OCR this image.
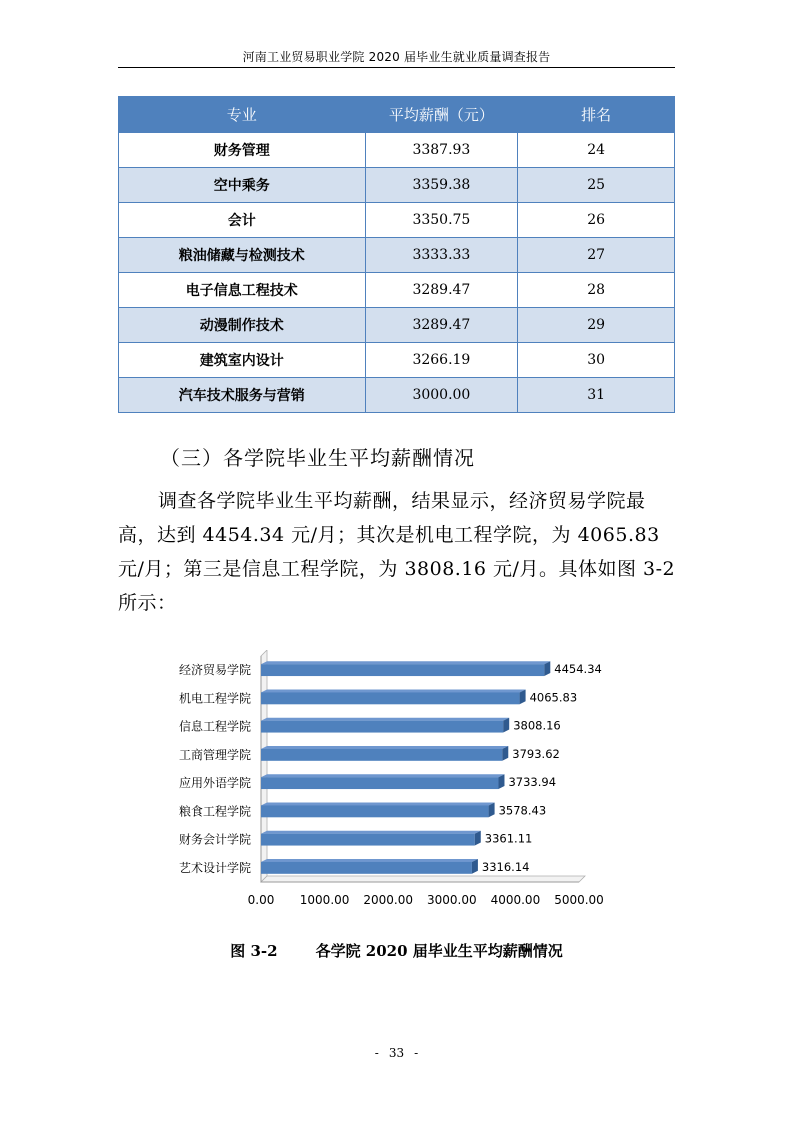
河南工业贸易职业学院 2020 届毕业生就业质量调查报告
专业	平均薪酬（元）	排名
财务管理	3387.93	24
空中乘务	3359.38	25
会计	3350.75	26
粮油储藏与检测技术	3333.33	27
电子信息工程技术	3289.47	28
动漫制作技术	3289.47	29
建筑室内设计	3266.19	30
汽车技术服务与营销	3000.00	31
（三）各学院毕业生平均薪酬情况
调查各学院毕业生平均薪酬，结果显示，经济贸易学院最高，达到 4454.34 元/月；其次是机电工程学院，为 4065.83 元/月；第三是信息工程学院，为 3808.16 元/月。具体如图 3-2 所示：
经济贸易学院	4454.34
机电工程学院	4065.83
信息工程学院	3808.16
工商管理学院	3793.62
应用外语学院	3733.94
粮食工程学院	3578.43
财务会计学院	3361.11
艺术设计学院	3316.14
0.00 1000.00 2000.00 3000.00 4000.00 5000.00
图 3-2	各学院 2020 届毕业生平均薪酬情况
- 33 -
